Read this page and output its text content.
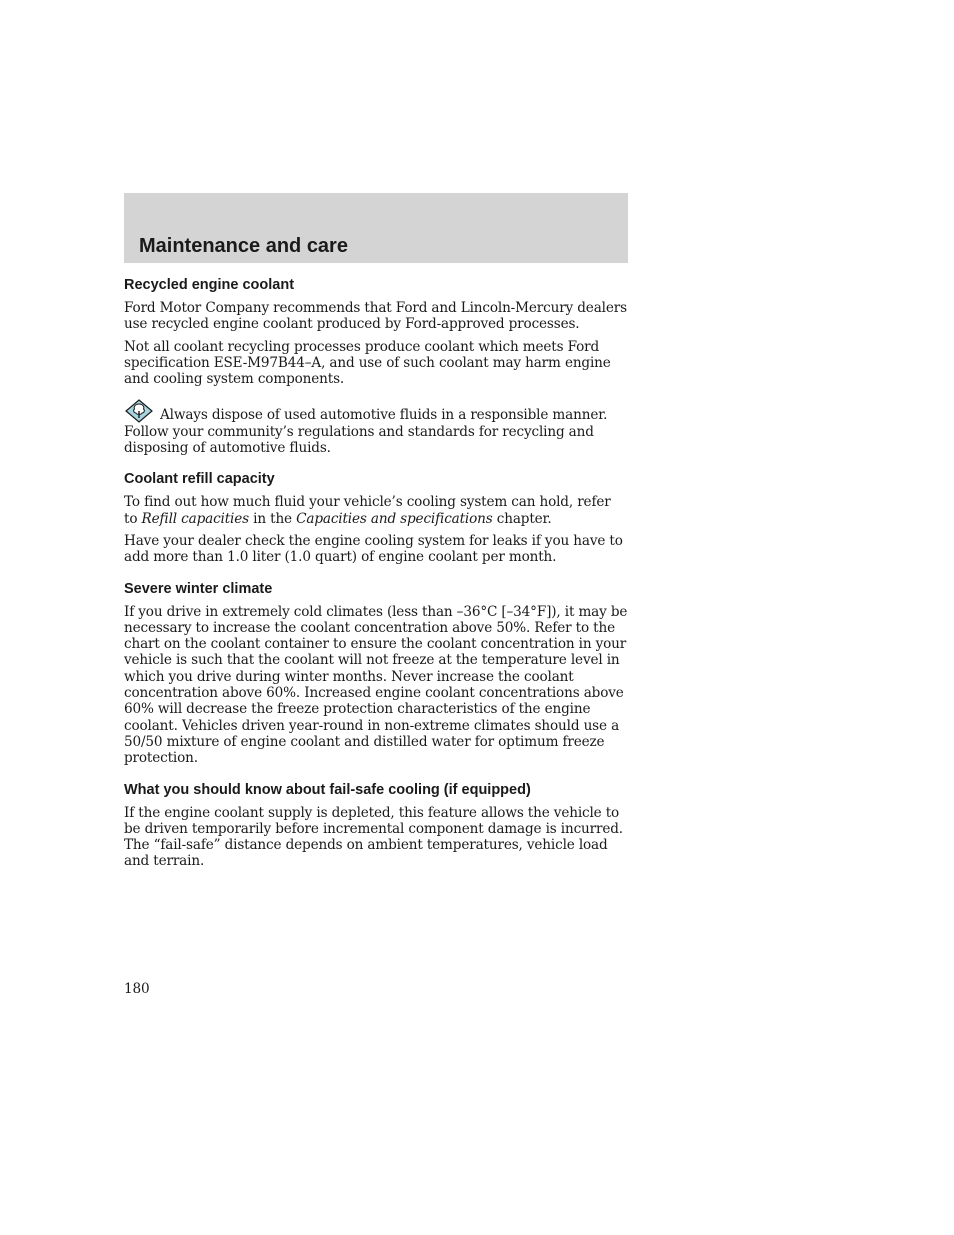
Maintenance and care
Recycled engine coolant

Ford Motor Company recommends that Ford and Lincoln-Mercury dealers use recycled engine coolant produced by Ford-approved processes.

Not all coolant recycling processes produce coolant which meets Ford specification ESE-M97B44–A, and use of such coolant may harm engine and cooling system components.

Always dispose of used automotive fluids in a responsible manner. Follow your community’s regulations and standards for recycling and disposing of automotive fluids.

Coolant refill capacity

To find out how much fluid your vehicle’s cooling system can hold, refer to Refill capacities in the Capacities and specifications chapter.

Have your dealer check the engine cooling system for leaks if you have to add more than 1.0 liter (1.0 quart) of engine coolant per month.

Severe winter climate

If you drive in extremely cold climates (less than –36°C [–34°F]), it may be necessary to increase the coolant concentration above 50%. Refer to the chart on the coolant container to ensure the coolant concentration in your vehicle is such that the coolant will not freeze at the temperature level in which you drive during winter months. Never increase the coolant concentration above 60%. Increased engine coolant concentrations above 60% will decrease the freeze protection characteristics of the engine coolant. Vehicles driven year-round in non-extreme climates should use a 50/50 mixture of engine coolant and distilled water for optimum freeze protection.

What you should know about fail-safe cooling (if equipped)

If the engine coolant supply is depleted, this feature allows the vehicle to be driven temporarily before incremental component damage is incurred. The “fail-safe” distance depends on ambient temperatures, vehicle load and terrain.

180
